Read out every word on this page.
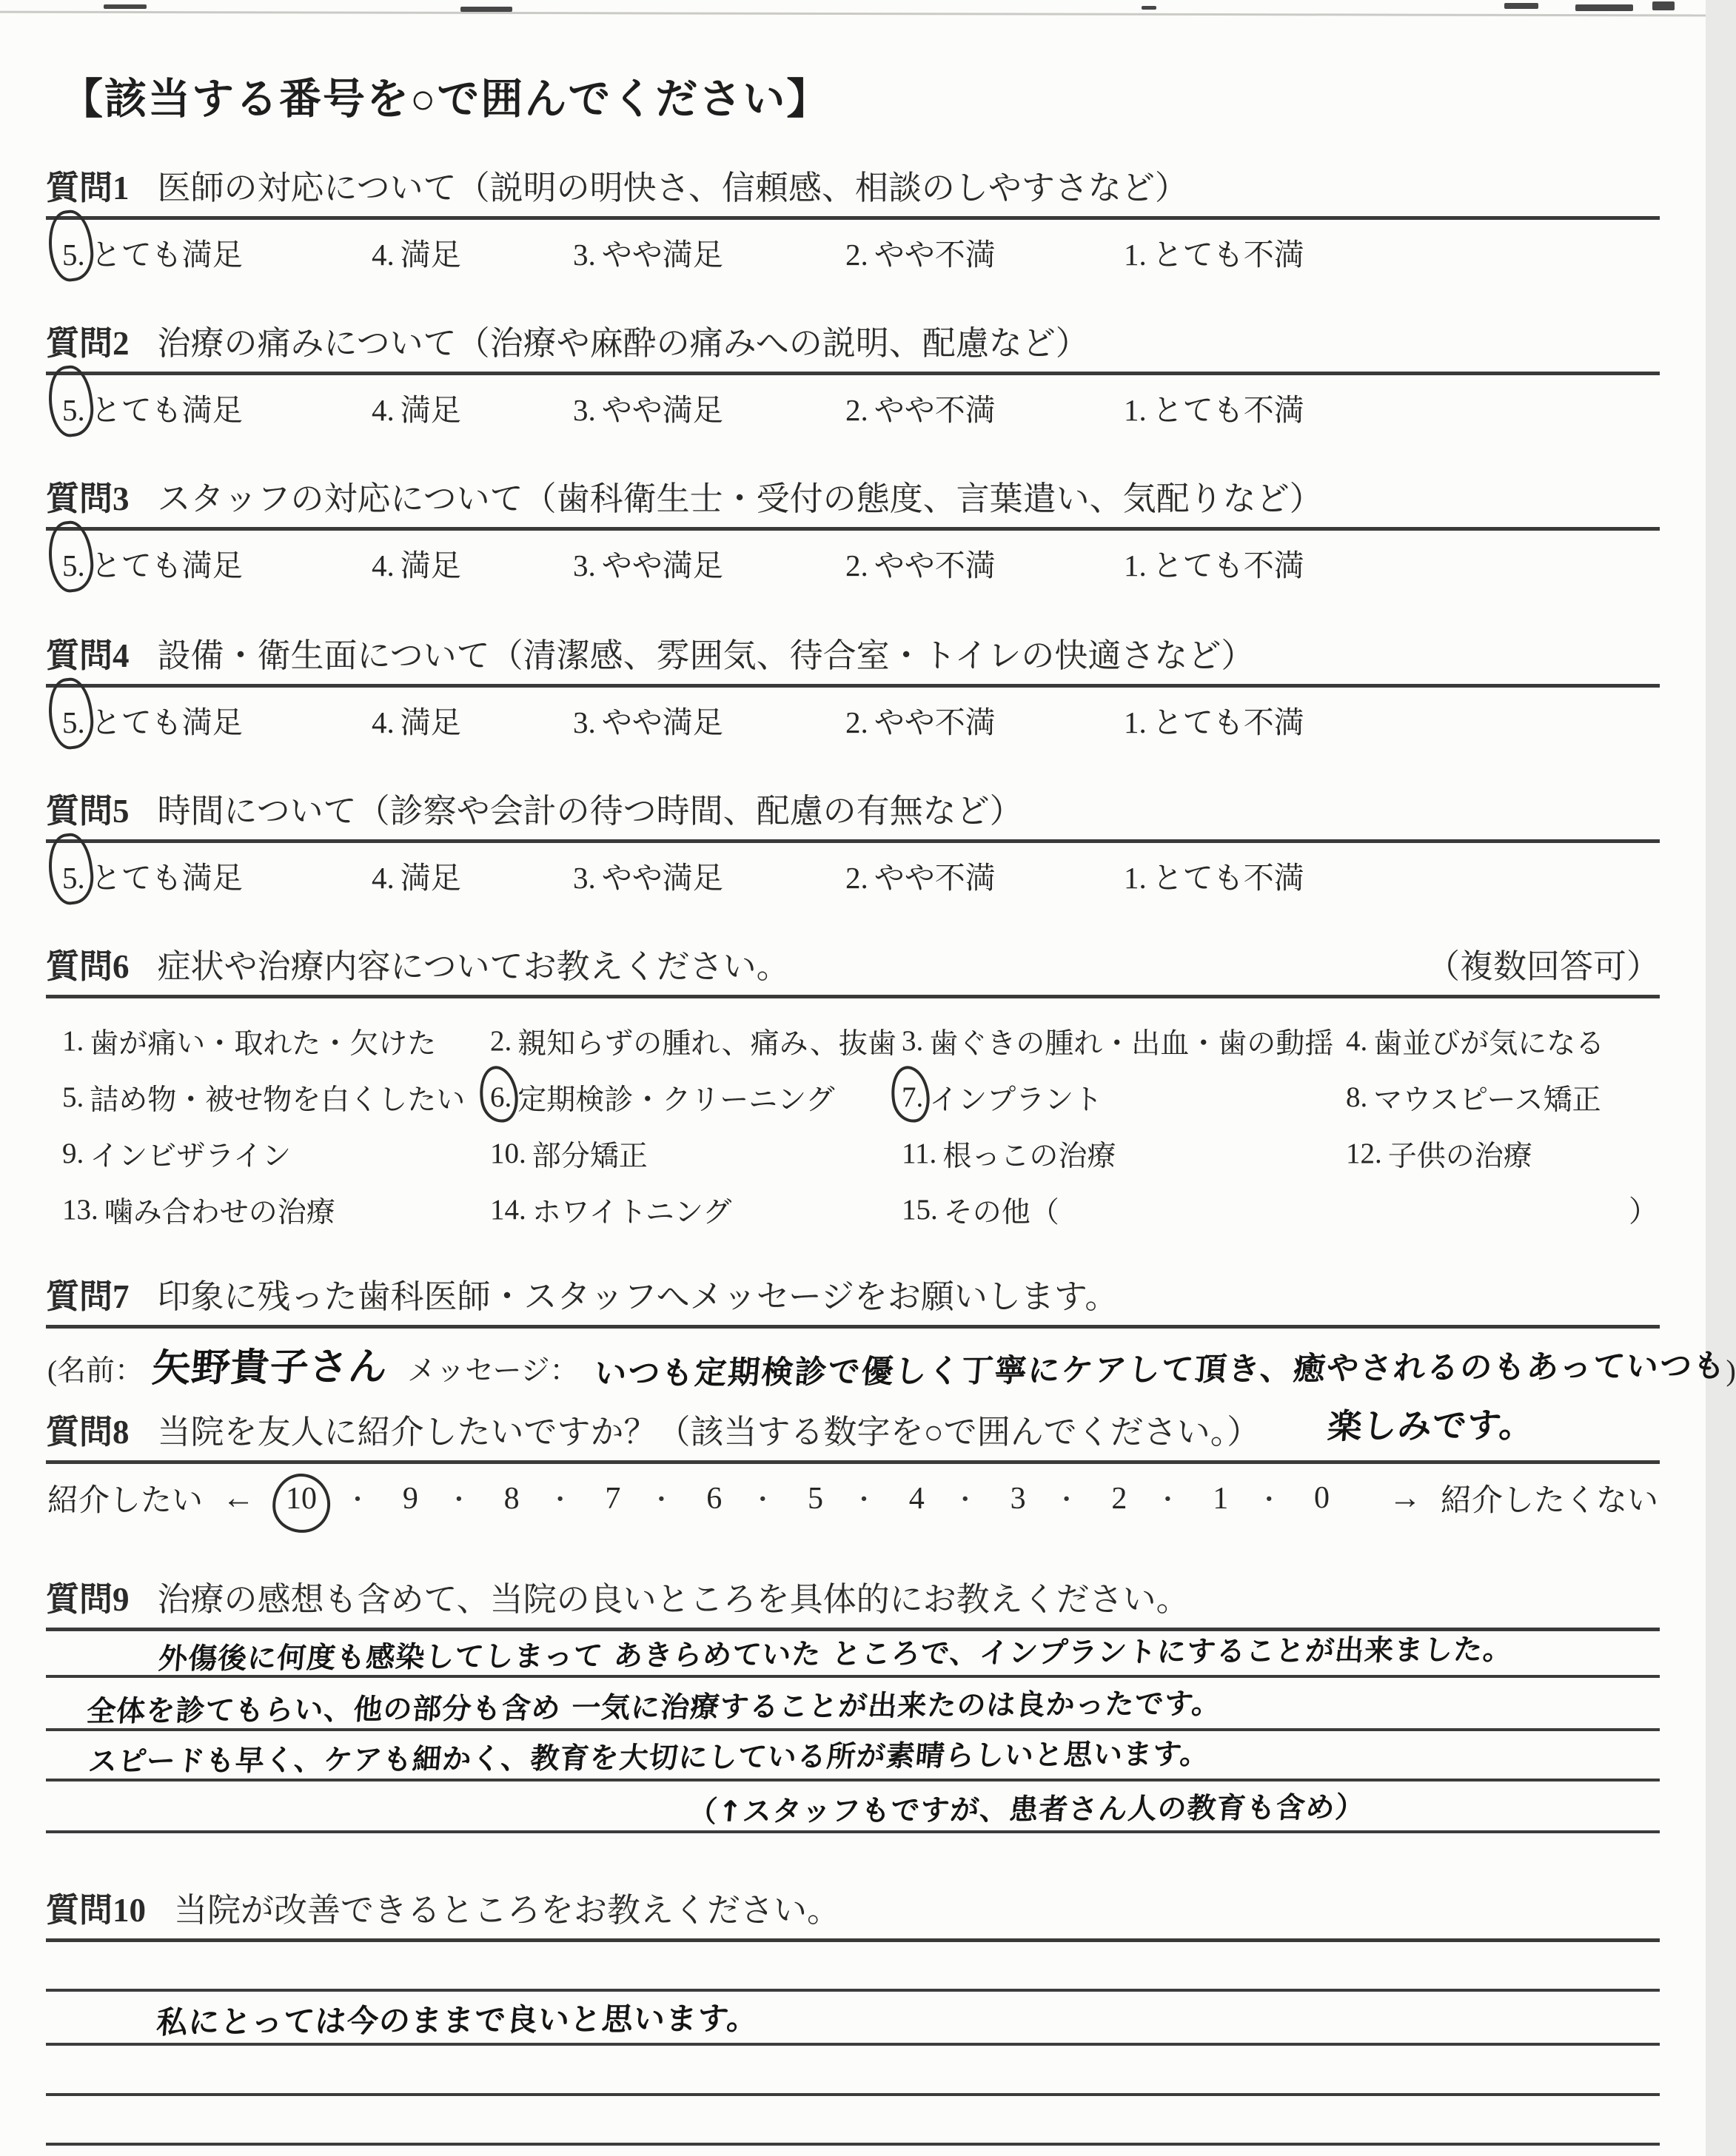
【該当する番号を○で囲んでください】
質問1 医師の対応について（説明の明快さ、信頼感、相談のしやすさなど）
5. とても満足	4. 満足	3. やや満足	2. やや不満	1. とても不満
質問2 治療の痛みについて（治療や麻酔の痛みへの説明、配慮など）
5. とても満足	4. 満足	3. やや満足	2. やや不満	1. とても不満
質問3 スタッフの対応について（歯科衛生士・受付の態度、言葉遣い、気配りなど）
5. とても満足	4. 満足	3. やや満足	2. やや不満	1. とても不満
質問4 設備・衛生面について（清潔感、雰囲気、待合室・トイレの快適さなど）
5. とても満足	4. 満足	3. やや満足	2. やや不満	1. とても不満
質問5 時間について（診察や会計の待つ時間、配慮の有無など）
5. とても満足	4. 満足	3. やや満足	2. やや不満	1. とても不満
質問6 症状や治療内容についてお教えください。	（複数回答可）
1. 歯が痛い・取れた・欠けた 2. 親知らずの腫れ、痛み、抜歯 3. 歯ぐきの腫れ・出血・歯の動揺 4. 歯並びが気になる
5. 詰め物・被せ物を白くしたい 6. 定期検診・クリーニング 7. インプラント	8. マウスピース矯正
9. インビザライン	10. 部分矯正	11. 根っこの治療	12. 子供の治療
13. 噛み合わせの治療	14. ホワイトニング	15. その他（	）
質問7 印象に残った歯科医師・スタッフへメッセージをお願いします。
(名前： 矢野貴子さん メッセージ： いつも定期検診で優しく丁寧にケアして頂き、癒やされるのもあっていつも
)
楽しみです。
質問8 当院を友人に紹介したいですか？（該当する数字を○で囲んでください。）
紹介したい ← 10	・ 9	・ 8	・ 7	・ 6	・ 5	・ 4	・ 3	・ 2	・ 1	・ 0 → 紹介したくない
質問9 治療の感想も含めて、当院の良いところを具体的にお教えください。
外傷後に何度も感染してしまって あきらめていた ところで、インプラントにすることが出来ました。
全体を診てもらい、他の部分も含め 一気に治療することが出来たのは良かったです。
スピードも早く、ケアも細かく、教育を大切にしている所が素晴らしいと思います。
（↑スタッフもですが、患者さん人の教育も含め）
質問10 当院が改善できるところをお教えください。
私にとっては今のままで良いと思います。
